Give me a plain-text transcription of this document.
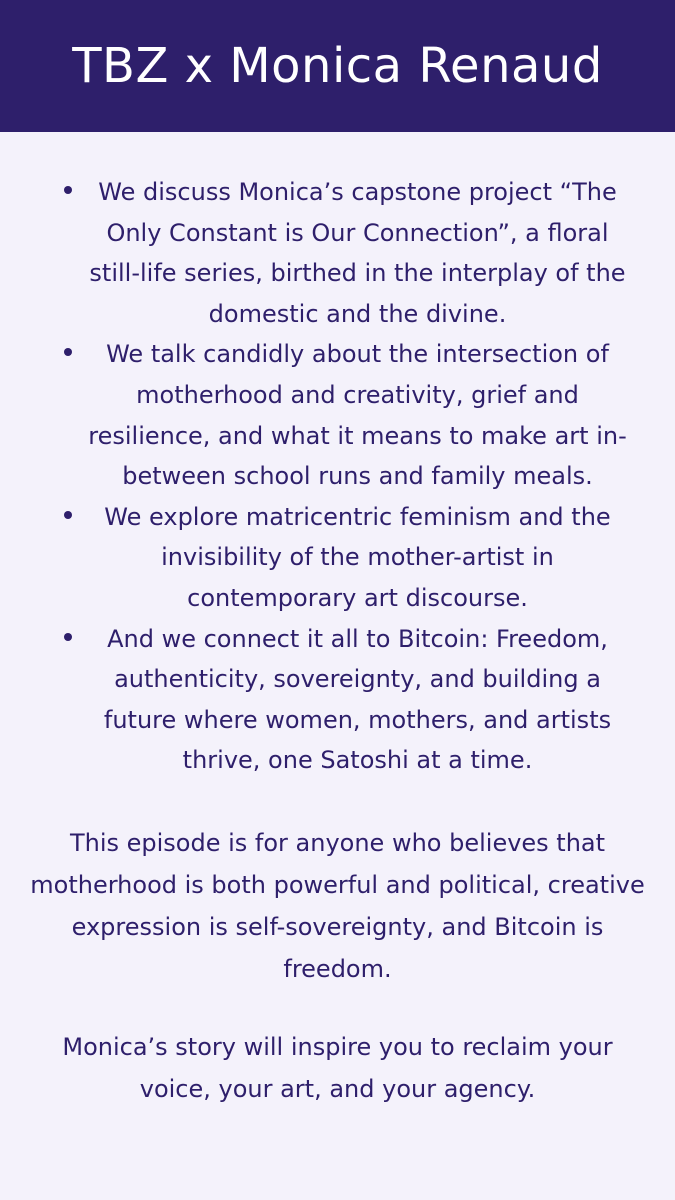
TBZ x Monica Renaud
We discuss Monica’s capstone project “The Only Constant is Our Connection”, a floral still-life series, birthed in the interplay of the domestic and the divine.
We talk candidly about the intersection of motherhood and creativity, grief and resilience, and what it means to make art in-between school runs and family meals.
We explore matricentric feminism and the invisibility of the mother-artist in contemporary art discourse.
And we connect it all to Bitcoin: Freedom, authenticity, sovereignty, and building a future where women, mothers, and artists thrive, one Satoshi at a time.

This episode is for anyone who believes that motherhood is both powerful and political, creative expression is self-sovereignty, and Bitcoin is freedom.

Monica’s story will inspire you to reclaim your voice, your art, and your agency.
